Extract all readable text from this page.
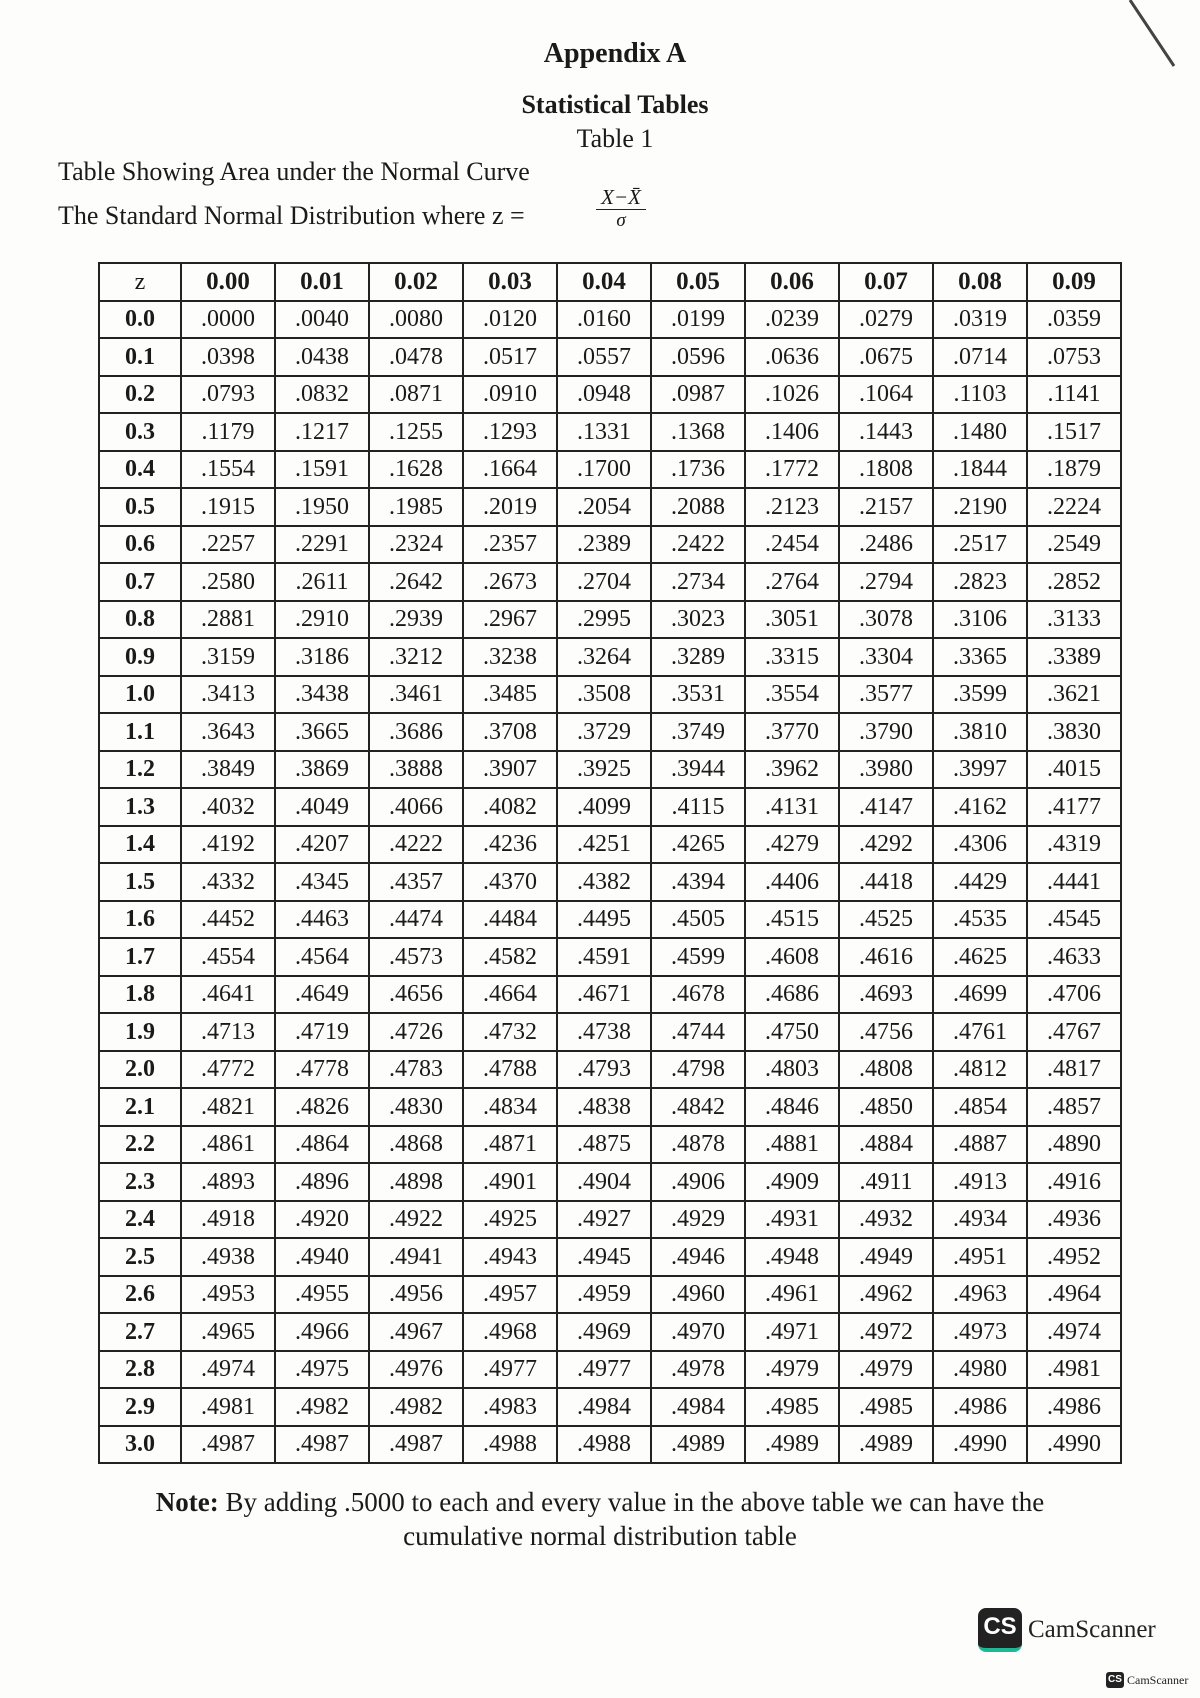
Appendix A
Statistical Tables
Table 1

Table Showing Area under the Normal Curve

The Standard Normal Distribution where z =	$\frac{X-X̄}{\sigma}$
z	0.00	0.01	0.02	0.03	0.04	0.05	0.06	0.07	0.08	0.09
0.0	.0000	.0040	.0080	.0120	.0160	.0199	.0239	.0279	.0319	.0359
0.1	.0398	.0438	.0478	.0517	.0557	.0596	.0636	.0675	.0714	.0753
0.2	.0793	.0832	.0871	.0910	.0948	.0987	.1026	.1064	.1103	.1141
0.3	.1179	.1217	.1255	.1293	.1331	.1368	.1406	.1443	.1480	.1517
0.4	.1554	.1591	.1628	.1664	.1700	.1736	.1772	.1808	.1844	.1879
0.5	.1915	.1950	.1985	.2019	.2054	.2088	.2123	.2157	.2190	.2224
0.6	.2257	.2291	.2324	.2357	.2389	.2422	.2454	.2486	.2517	.2549
0.7	.2580	.2611	.2642	.2673	.2704	.2734	.2764	.2794	.2823	.2852
0.8	.2881	.2910	.2939	.2967	.2995	.3023	.3051	.3078	.3106	.3133
0.9	.3159	.3186	.3212	.3238	.3264	.3289	.3315	.3304	.3365	.3389
1.0	.3413	.3438	.3461	.3485	.3508	.3531	.3554	.3577	.3599	.3621
1.1	.3643	.3665	.3686	.3708	.3729	.3749	.3770	.3790	.3810	.3830
1.2	.3849	.3869	.3888	.3907	.3925	.3944	.3962	.3980	.3997	.4015
1.3	.4032	.4049	.4066	.4082	.4099	.4115	.4131	.4147	.4162	.4177
1.4	.4192	.4207	.4222	.4236	.4251	.4265	.4279	.4292	.4306	.4319
1.5	.4332	.4345	.4357	.4370	.4382	.4394	.4406	.4418	.4429	.4441
1.6	.4452	.4463	.4474	.4484	.4495	.4505	.4515	.4525	.4535	.4545
1.7	.4554	.4564	.4573	.4582	.4591	.4599	.4608	.4616	.4625	.4633
1.8	.4641	.4649	.4656	.4664	.4671	.4678	.4686	.4693	.4699	.4706
1.9	.4713	.4719	.4726	.4732	.4738	.4744	.4750	.4756	.4761	.4767
2.0	.4772	.4778	.4783	.4788	.4793	.4798	.4803	.4808	.4812	.4817
2.1	.4821	.4826	.4830	.4834	.4838	.4842	.4846	.4850	.4854	.4857
2.2	.4861	.4864	.4868	.4871	.4875	.4878	.4881	.4884	.4887	.4890
2.3	.4893	.4896	.4898	.4901	.4904	.4906	.4909	.4911	.4913	.4916
2.4	.4918	.4920	.4922	.4925	.4927	.4929	.4931	.4932	.4934	.4936
2.5	.4938	.4940	.4941	.4943	.4945	.4946	.4948	.4949	.4951	.4952
2.6	.4953	.4955	.4956	.4957	.4959	.4960	.4961	.4962	.4963	.4964
2.7	.4965	.4966	.4967	.4968	.4969	.4970	.4971	.4972	.4973	.4974
2.8	.4974	.4975	.4976	.4977	.4977	.4978	.4979	.4979	.4980	.4981
2.9	.4981	.4982	.4982	.4983	.4984	.4984	.4985	.4985	.4986	.4986
3.0	.4987	.4987	.4987	.4988	.4988	.4989	.4989	.4989	.4990	.4990

Note: By adding .5000 to each and every value in the above table we can have the
cumulative normal distribution table

CS CamScanner
CS CamScanner
